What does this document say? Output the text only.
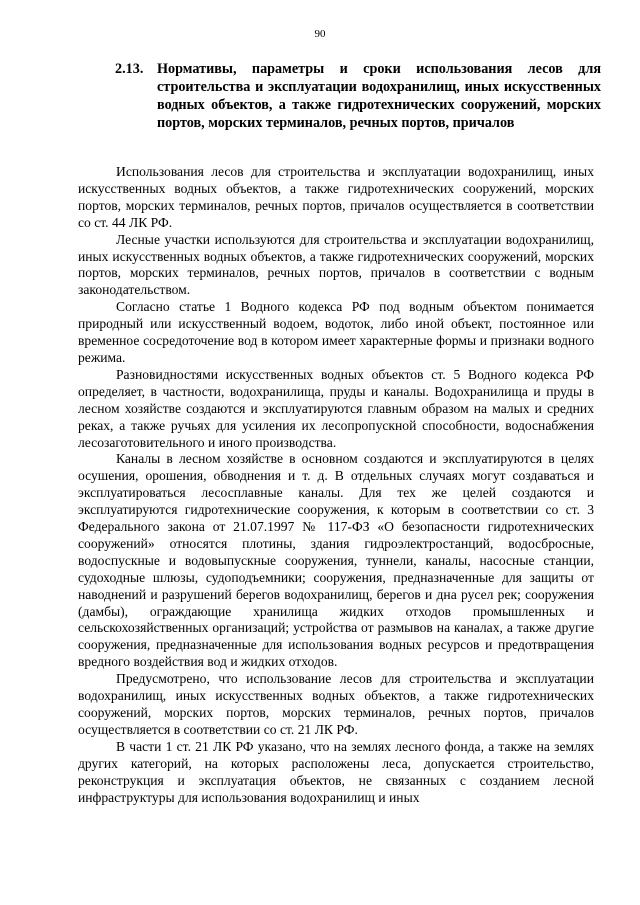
90
2.13. Нормативы, параметры и сроки использования лесов для строительства и эксплуатации водохранилищ, иных искусственных водных объектов, а также гидротехнических сооружений, морских портов, морских терминалов, речных портов, причалов

Использования лесов для строительства и эксплуатации водохранилищ, иных искусственных водных объектов, а также гидротехнических сооружений, морских портов, морских терминалов, речных портов, причалов осуществляется в соответствии со ст. 44 ЛК РФ.

Лесные участки используются для строительства и эксплуатации водохранилищ, иных искусственных водных объектов, а также гидротехнических сооружений, морских портов, морских терминалов, речных портов, причалов в соответствии с водным законодательством.

Согласно статье 1 Водного кодекса РФ под водным объектом понимается природный или искусственный водоем, водоток, либо иной объект, постоянное или временное сосредоточение вод в котором имеет характерные формы и признаки водного режима.

Разновидностями искусственных водных объектов ст. 5 Водного кодекса РФ определяет, в частности, водохранилища, пруды и каналы. Водохранилища и пруды в лесном хозяйстве создаются и эксплуатируются главным образом на малых и средних реках, а также ручьях для усиления их лесопропускной способности, водоснабжения лесозаготовительного и иного производства.

Каналы в лесном хозяйстве в основном создаются и эксплуатируются в целях осушения, орошения, обводнения и т. д. В отдельных случаях могут создаваться и эксплуатироваться лесосплавные каналы. Для тех же целей создаются и эксплуатируются гидротехнические сооружения, к которым в соответствии со ст. 3 Федерального закона от 21.07.1997 № 117-ФЗ «О безопасности гидротехнических сооружений» относятся плотины, здания гидроэлектростанций, водосбросные, водоспускные и водовыпускные сооружения, туннели, каналы, насосные станции, судоходные шлюзы, судоподъемники; сооружения, предназначенные для защиты от наводнений и разрушений берегов водохранилищ, берегов и дна русел рек; сооружения (дамбы), ограждающие хранилища жидких отходов промышленных и сельскохозяйственных организаций; устройства от размывов на каналах, а также другие сооружения, предназначенные для использования водных ресурсов и предотвращения вредного воздействия вод и жидких отходов.

Предусмотрено, что использование лесов для строительства и эксплуатации водохранилищ, иных искусственных водных объектов, а также гидротехнических сооружений, морских портов, морских терминалов, речных портов, причалов осуществляется в соответствии со ст. 21 ЛК РФ.

В части 1 ст. 21 ЛК РФ указано, что на землях лесного фонда, а также на землях других категорий, на которых расположены леса, допускается строительство, реконструкция и эксплуатация объектов, не связанных с созданием лесной инфраструктуры для использования водохранилищ и иных
